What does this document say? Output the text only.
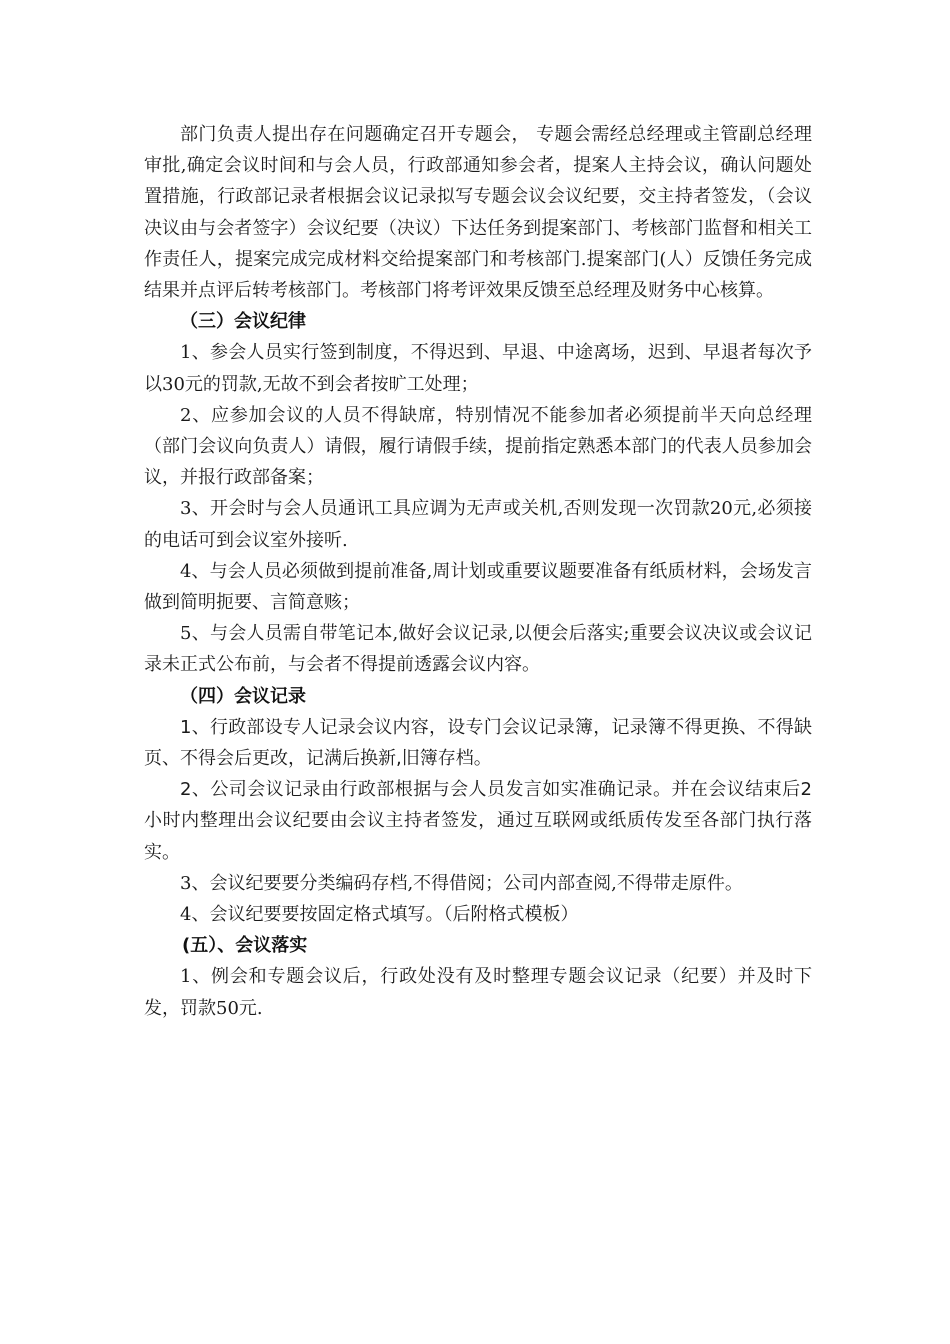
部门负责人提出存在问题确定召开专题会， 专题会需经总经理或主管副总经理审批,确定会议时间和与会人员，行政部通知参会者，提案人主持会议，确认问题处置措施，行政部记录者根据会议记录拟写专题会议会议纪要，交主持者签发，（会议决议由与会者签字）会议纪要（决议）下达任务到提案部门、考核部门监督和相关工作责任人，提案完成完成材料交给提案部门和考核部门.提案部门(人）反馈任务完成结果并点评后转考核部门。考核部门将考评效果反馈至总经理及财务中心核算。

（三）会议纪律

1、参会人员实行签到制度，不得迟到、早退、中途离场，迟到、早退者每次予以30元的罚款,无故不到会者按旷工处理；

2、应参加会议的人员不得缺席，特别情况不能参加者必须提前半天向总经理（部门会议向负责人）请假，履行请假手续，提前指定熟悉本部门的代表人员参加会议，并报行政部备案；

3、开会时与会人员通讯工具应调为无声或关机,否则发现一次罚款20元,必须接的电话可到会议室外接听.

4、与会人员必须做到提前准备,周计划或重要议题要准备有纸质材料，会场发言做到简明扼要、言简意赅；

5、与会人员需自带笔记本,做好会议记录,以便会后落实;重要会议决议或会议记录未正式公布前，与会者不得提前透露会议内容。

（四）会议记录

1、行政部设专人记录会议内容，设专门会议记录簿，记录簿不得更换、不得缺页、不得会后更改，记满后换新,旧簿存档。

2、公司会议记录由行政部根据与会人员发言如实准确记录。并在会议结束后2小时内整理出会议纪要由会议主持者签发，通过互联网或纸质传发至各部门执行落实。

3、会议纪要要分类编码存档,不得借阅；公司内部查阅,不得带走原件。

4、会议纪要要按固定格式填写。（后附格式模板）

(五）、会议落实

1、例会和专题会议后，行政处没有及时整理专题会议记录（纪要）并及时下发，罚款50元.
